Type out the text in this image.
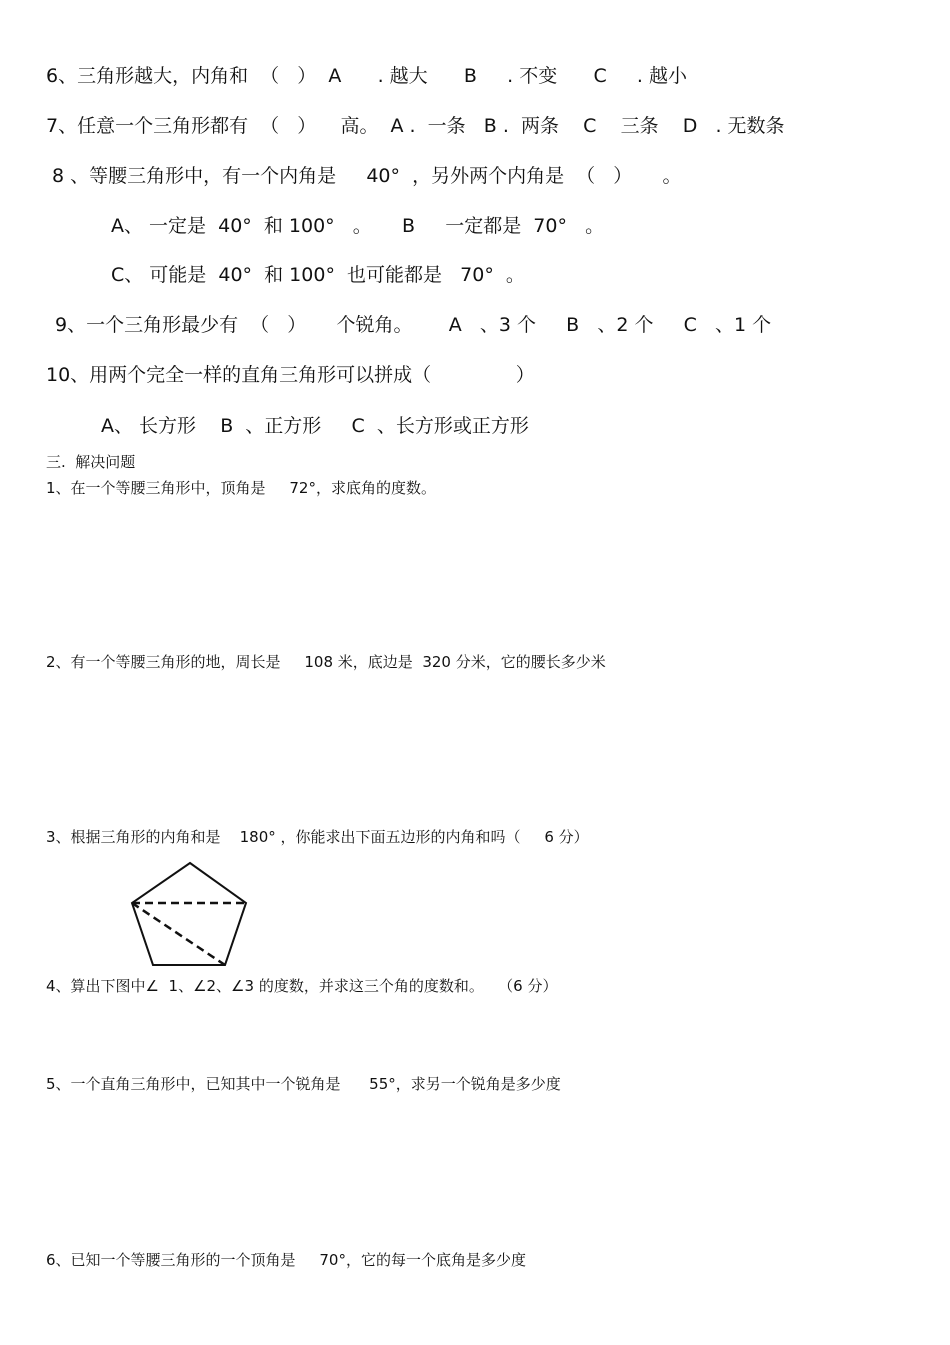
6、三角形越大，内角和  （   ）  A      . 越大      B     . 不变      C     . 越小
7、任意一个三角形都有  （   ）    高。  A .  一条   B .  两条    C    三条    D   . 无数条
8 、等腰三角形中，有一个内角是     40°  ，另外两个内角是  （   ）     。
A、 一定是  40°  和 100°   。     B     一定都是  70°   。
C、 可能是  40°  和 100°  也可能都是   70°  。
9、一个三角形最少有  （   ）     个锐角。      A   、3 个     B   、2 个     C   、1 个
10、用两个完全一样的直角三角形可以拼成（              ）
A、 长方形    B  、正方形     C  、长方形或正方形
三.  解决问题
1、在一个等腰三角形中，顶角是     72°，求底角的度数。
2、有一个等腰三角形的地，周长是     108 米，底边是  320 分米，它的腰长多少米
3、根据三角形的内角和是    180° ，你能求出下面五边形的内角和吗（     6 分）
4、算出下图中∠  1、∠2、∠3 的度数，并求这三个角的度数和。   （6 分）
5、一个直角三角形中，已知其中一个锐角是      55°，求另一个锐角是多少度
6、已知一个等腰三角形的一个顶角是     70°，它的每一个底角是多少度
